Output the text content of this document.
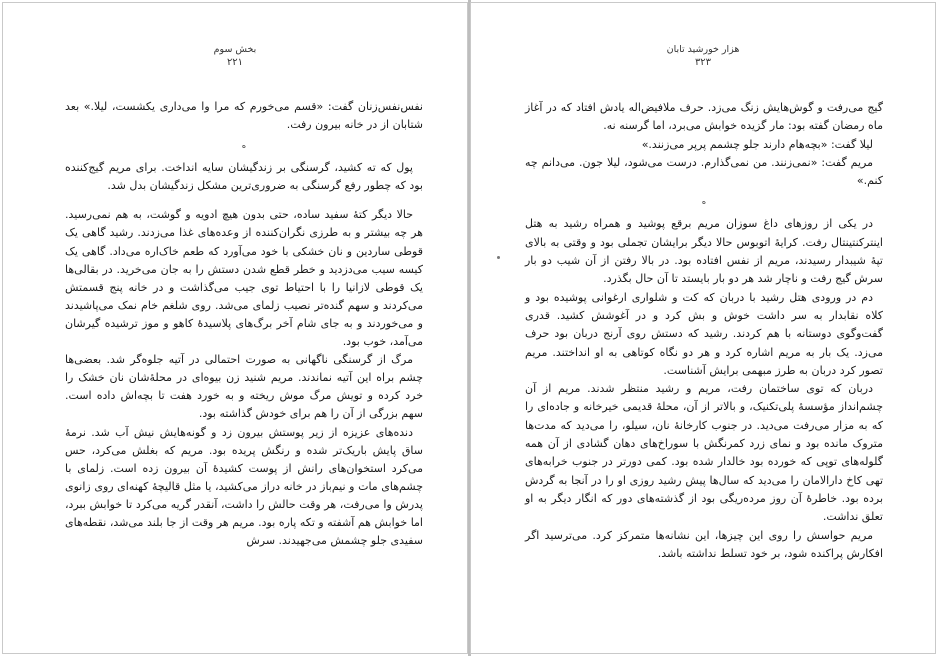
بخش سوم
۲۲۱

نفس‌نفس‌زنان گفت: «قسم می‌خورم که مرا وا می‌داری یکشست، لیلا.» بعد شتابان از در خانه بیرون رفت.

ه

پول که ته کشید، گرسنگی بر زندگیشان سایه انداخت. برای مریم گیج‌کننده بود که چطور رفع گرسنگی به ضروری‌ترین مشکل زندگیشان بدل شد.

حالا دیگر کتهٔ سفید ساده، حتی بدون هیچ ادویه و گوشت، به هم نمی‌رسید. هر چه بیشتر و به طرزی نگران‌کننده از وعده‌های غذا می‌زدند. رشید گاهی یک قوطی ساردین و نان خشکی با خود می‌آورد که طعم خاک‌اره می‌داد. گاهی یک کیسه سیب می‌دزدید و خطر قطع شدن دستش را به جان می‌خرید. در بقالی‌ها یک قوطی لازانیا را با احتیاط توی جیب می‌گذاشت و در خانه پنج قسمتش می‌کردند و سهم گنده‌تر نصیب زلمای می‌شد. روی شلغم خام نمک می‌پاشیدند و می‌خوردند و به جای شام آخر برگ‌های پلاسیدهٔ کاهو و موز ترشیده گیرشان می‌آمد، خوب بود.

مرگ از گرسنگی ناگهانی به صورت احتمالی در آتیه جلوه‌گر شد. بعضی‌ها چشم براه این آتیه نماندند. مریم شنید زن بیوه‌ای در محلهٔ‌شان نان خشک را خرد کرده و تویش مرگ موش ریخته و به خورد هفت تا بچه‌اش داده است. سهم بزرگی از آن را هم برای خودش گذاشته بود.

دنده‌های عزیزه از زیر پوستش بیرون زد و گونه‌هایش نیش آب شد. نرمهٔ ساق پایش باریک‌تر شده و رنگش پریده بود. مریم که بغلش می‌کرد، حس می‌کرد استخوان‌های رانش از پوست کشیدهٔ آن بیرون زده است. زلمای با چشم‌های مات و نیم‌باز در خانه دراز می‌کشید، یا مثل قالیچهٔ کهنه‌ای روی زانوی پدرش وا می‌رفت، هر وقت حالش را داشت، آنقدر گریه می‌کرد تا خوابش ببرد، اما خوابش هم آشفته و تکه پاره بود. مریم هر وقت از جا بلند می‌شد، نقطه‌های سفیدی جلو چشمش می‌جهیدند. سرش

هزار خورشید تابان
۳۲۳

گیج می‌رفت و گوش‌هایش زنگ می‌زد. حرف ملافیض‌اله یادش افتاد که در آغاز ماه رمضان گفته بود: مار گزیده خوابش می‌برد، اما گرسنه نه.

لیلا گفت: «بچه‌هام دارند جلو چشمم پرپر می‌زنند.»

مریم گفت: «نمی‌زنند. من نمی‌گذارم. درست می‌شود، لیلا جون. می‌دانم چه کنم.»

ه

در یکی از روزهای داغ سوزان مریم برقع پوشید و همراه رشید به هتل اینترکنتینتال رفت. کرایهٔ اتوبوس حالا دیگر برایشان تجملی بود و وقتی به بالای تپهٔ شیبدار رسیدند، مریم از نفس افتاده بود. در بالا رفتن از آن شیب دو بار سرش گیج رفت و ناچار شد هر دو بار بایستد تا آن حال بگذرد.

دم در ورودی هتل رشید با دربان که کت و شلواری ارغوانی پوشیده بود و کلاه نقابدار به سر داشت خوش و بش کرد و در آغوشش کشید. قدری گفت‌وگوی دوستانه با هم کردند. رشید که دستش روی آرنج دربان بود حرف می‌زد. یک بار به مریم اشاره کرد و هر دو نگاه کوتاهی به او انداختند. مریم تصور کرد دربان به طرز مبهمی برایش آشناست.

دربان که توی ساختمان رفت، مریم و رشید منتظر شدند. مریم از آن چشم‌انداز مؤسسهٔ پلی‌تکنیک، و بالاتر از آن، محلهٔ قدیمی خیرخانه و جاده‌ای را که به مزار می‌رفت می‌دید. در جنوب کارخانهٔ نان، سیلو، را می‌دید که مدت‌ها متروک مانده بود و نمای زرد کمرنگش با سوراخ‌های دهان گشادی از آن همه گلوله‌های توپی که خورده بود خالدار شده بود. کمی دورتر در جنوب خرابه‌های تهی کاخ دارالامان را می‌دید که سال‌ها پیش رشید روزی او را در آنجا به گردش برده بود. خاطرهٔ آن روز مرده‌ریگی بود از گذشته‌های دور که انگار دیگر به او تعلق نداشت.

مریم حواسش را روی این چیزها، این نشانه‌ها متمرکز کرد. می‌ترسید اگر افکارش پراکنده شود، بر خود تسلط نداشته باشد.
